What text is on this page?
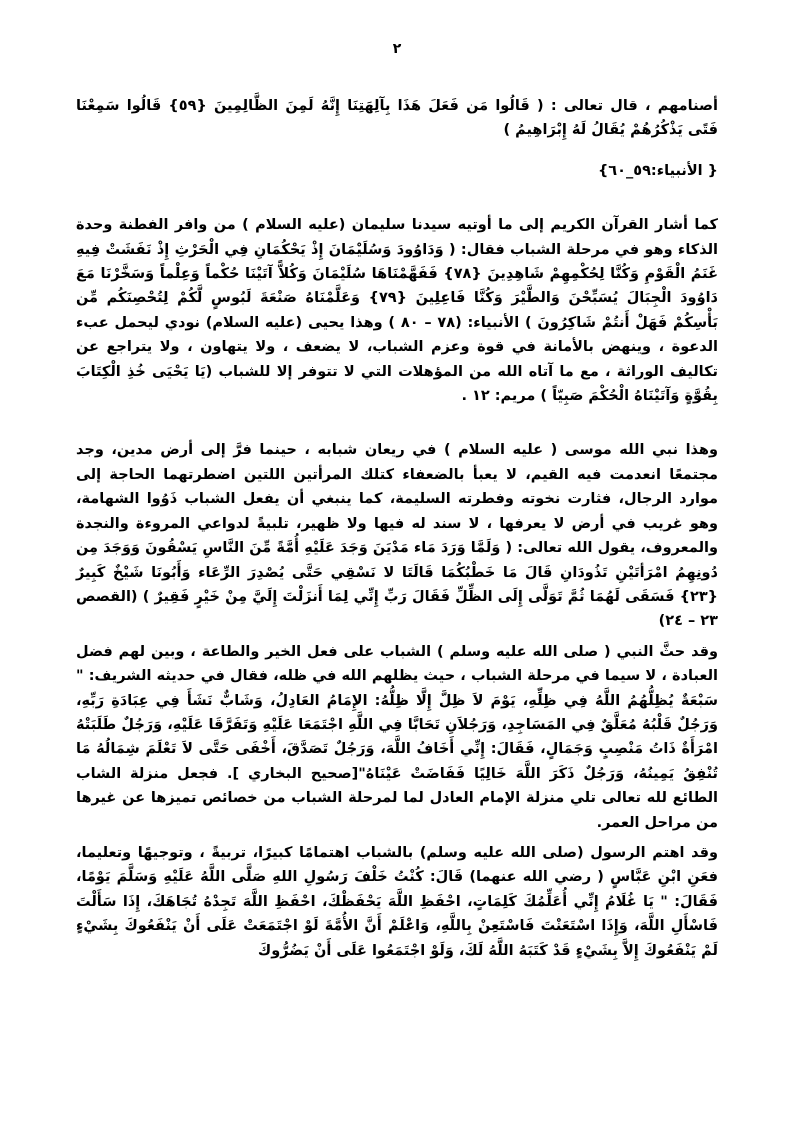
٢

أصنامهم ، قال تعالى : ( قَالُوا مَن فَعَلَ هَذَا بِآلِهَتِنَا إِنَّهُ لَمِنَ الظَّالِمِينَ {٥٩} قَالُوا سَمِعْنَا فَتًى يَذْكُرُهُمْ يُقَالُ لَهُ إِبْرَاهِيمُ )

{ الأنبياء:٥٩_٦٠}

كما أشار القرآن الكريم إلى ما أوتيه سيدنا سليمان (عليه السلام ) من وافر الفطنة وحدة الذكاء وهو في مرحلة الشباب فقال: ( وَدَاوُودَ وَسُلَيْمَانَ إِذْ يَحْكُمَانِ فِي الْحَرْثِ إِذْ نَفَشَتْ فِيهِ غَنَمُ الْقَوْمِ وَكُنَّا لِحُكْمِهِمْ شَاهِدِينَ {٧٨} فَفَهَّمْنَاهَا سُلَيْمَانَ وَكُلاًّ آتَيْنَا حُكْماً وَعِلْماً وَسَخَّرْنَا مَعَ دَاوُودَ الْجِبَالَ يُسَبِّحْنَ وَالطَّيْرَ وَكُنَّا فَاعِلِينَ {٧٩} وَعَلَّمْنَاهُ صَنْعَةَ لَبُوسٍ لَّكُمْ لِتُحْصِنَكُم مِّن بَأْسِكُمْ فَهَلْ أَنتُمْ شَاكِرُونَ ) الأنبياء: (٧٨ – ٨٠ ) وهذا يحيى (عليه السلام) نودي ليحمل عبء الدعوة ، وينهض بالأمانة في قوة وعزم الشباب، لا يضعف ، ولا يتهاون ، ولا يتراجع عن تكاليف الوراثة ، مع ما آتاه الله من المؤهلات التي لا تتوفر إلا للشباب (يَا يَحْيَى خُذِ الْكِتَابَ بِقُوَّةٍ وَآتَيْنَاهُ الْحُكْمَ صَبِيّاً ) مريم: ١٢ .

وهذا نبي الله موسى ( عليه السلام ) في ريعان شبابه ، حينما فرَّ إلى أرض مدين، وجد مجتمعًا انعدمت فيه القيم، لا يعبأ بالضعفاء كتلك المرأتين اللتين اضطرتهما الحاجة إلى موارد الرجال، فثارت نخوته وفطرته السليمة، كما ينبغي أن يفعل الشباب ذَوُوا الشهامة، وهو غريب في أرض لا يعرفها ، لا سند له فيها ولا ظهير، تلبيةً لدواعي المروءة والنجدة والمعروف، يقول الله تعالى: ( وَلَمَّا وَرَدَ مَاء مَدْيَنَ وَجَدَ عَلَيْهِ أُمَّةً مِّنَ النَّاسِ يَسْقُونَ وَوَجَدَ مِن دُونِهِمُ امْرَأتَيْنِ تَذُودَانِ قَالَ مَا خَطْبُكُمَا قَالَتَا لا نَسْقِي حَتَّى يُصْدِرَ الرِّعَاء وَأَبُونَا شَيْخٌ كَبِيرٌ {٢٣} فَسَقَى لَهُمَا ثُمَّ تَوَلَّى إِلَى الظِّلِّ فَقَالَ رَبِّ إِنِّي لِمَا أَنزَلْتَ إِلَيَّ مِنْ خَيْرٍ فَقِيرٌ ) (القصص ٢٣ – ٢٤)

وقد حثَّ النبي ( صلى الله عليه وسلم ) الشباب على فعل الخير والطاعة ، وبين لهم فضل العبادة ، لا سيما في مرحلة الشباب ، حيث يظلهم الله في ظله، فقال في حديثه الشريف: " سَبْعَةٌ يُظِلُّهُمُ اللَّهُ فِي ظِلِّهِ، يَوْمَ لاَ ظِلَّ إِلَّا ظِلُّهُ: الإِمَامُ العَادِلُ، وَشَابٌّ نَشَأَ فِي عِبَادَةِ رَبِّهِ، وَرَجُلٌ قَلْبُهُ مُعَلَّقٌ فِي المَسَاجِدِ، وَرَجُلاَنِ تَحَابَّا فِي اللَّهِ اجْتَمَعَا عَلَيْهِ وَتَفَرَّقَا عَلَيْهِ، وَرَجُلٌ طَلَبَتْهُ امْرَأَةٌ ذَاتُ مَنْصِبٍ وَجَمَالٍ، فَقَالَ: إِنِّي أَخَافُ اللَّهَ، وَرَجُلٌ تَصَدَّقَ، أَخْفَى حَتَّى لاَ تَعْلَمَ شِمَالُهُ مَا تُنْفِقُ يَمِينُهُ، وَرَجُلٌ ذَكَرَ اللَّهَ خَالِيًا فَفَاضَتْ عَيْنَاهُ"[صحيح البخاري ]. فجعل منزلة الشاب الطائع لله تعالى تلي منزلة الإمام العادل لما لمرحلة الشباب من خصائص تميزها عن غيرها من مراحل العمر.

وقد اهتم الرسول (صلى الله عليه وسلم) بالشباب اهتمامًا كبيرًا، تربيةً ، وتوجيهًا وتعليما، فعَنِ ابْنِ عَبَّاسٍ ( رضي الله عنهما) قَالَ: كُنْتُ خَلْفَ رَسُولِ اللهِ صَلَّى اللَّهُ عَلَيْهِ وَسَلَّمَ يَوْمًا، فَقَالَ: " يَا غُلَامُ إِنِّي أُعَلِّمُكَ كَلِمَاتٍ، احْفَظِ اللَّهَ يَحْفَظْكَ، احْفَظِ اللَّهَ تَجِدْهُ تُجَاهَكَ، إِذَا سَأَلْتَ فَاسْأَلِ اللَّهَ، وَإِذَا اسْتَعَنْتَ فَاسْتَعِنْ بِاللَّهِ، وَاعْلَمْ أَنَّ الأُمَّةَ لَوْ اجْتَمَعَتْ عَلَى أَنْ يَنْفَعُوكَ بِشَيْءٍ لَمْ يَنْفَعُوكَ إِلاَّ بِشَيْءٍ قَدْ كَتَبَهُ اللَّهُ لَكَ، وَلَوْ اجْتَمَعُوا عَلَى أَنْ يَضُرُّوكَ
